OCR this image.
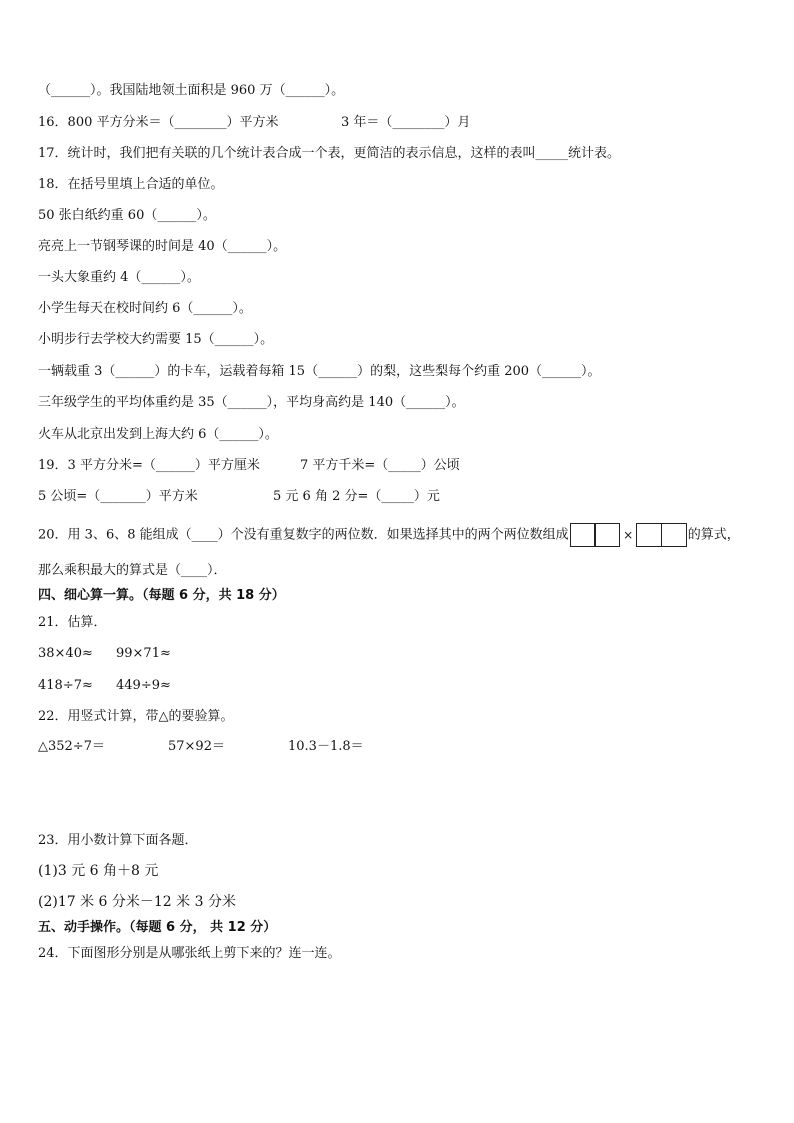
（______）。我国陆地领土面积是 960 万（______）。
16．800 平方分米＝（________）平方米	3 年＝（________）月
17．统计时，我们把有关联的几个统计表合成一个表，更简洁的表示信息，这样的表叫_____统计表。
18．在括号里填上合适的单位。
50 张白纸约重 60（______）。
亮亮上一节钢琴课的时间是 40（______）。
一头大象重约 4（______）。
小学生每天在校时间约 6（______）。
小明步行去学校大约需要 15（______）。
一辆载重 3（______）的卡车，运载着每箱 15（______）的梨，这些梨每个约重 200（______）。
三年级学生的平均体重约是 35（______），平均身高约是 140（______）。
火车从北京出发到上海大约 6（______）。
19．3 平方分米=（______）平方厘米	7 平方千米=（_____）公顷
5 公顷=（_______）平方米	5 元 6 角 2 分=（_____）元
20．用 3、6、8 能组成（____）个没有重复数字的两位数．如果选择其中的两个两位数组成	×	的算式，
那么乘积最大的算式是（____）．
四、细心算一算。（每题 6 分，共 18 分）
21．估算．
38×40≈ 99×71≈
418÷7≈ 449÷9≈
22．用竖式计算，带△的要验算。
△352÷7＝	57×92＝	10.3－1.8＝
23．用小数计算下面各题．
(1)3 元 6 角＋8 元
(2)17 米 6 分米－12 米 3 分米
五、动手操作。（每题 6 分， 共 12 分）
24．下面图形分别是从哪张纸上剪下来的？连一连。
